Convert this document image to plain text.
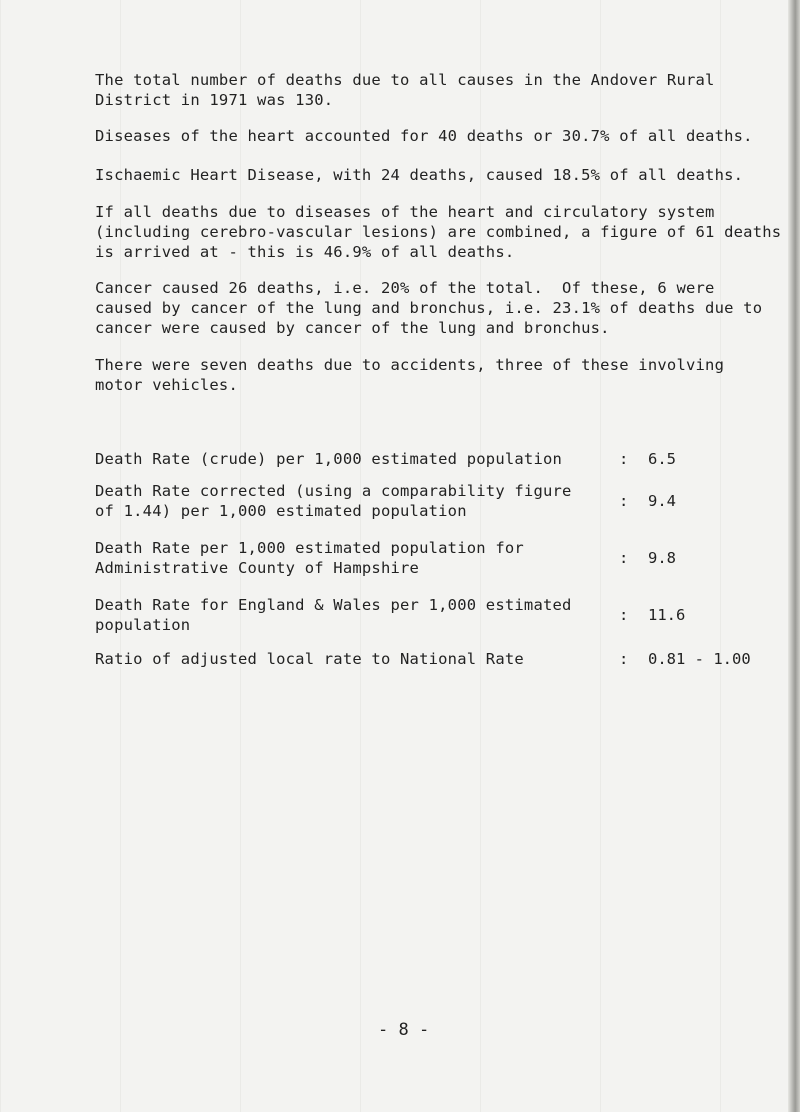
The total number of deaths due to all causes in the Andover Rural
District in 1971 was 130.
Diseases of the heart accounted for 40 deaths or 30.7% of all deaths.
Ischaemic Heart Disease, with 24 deaths, caused 18.5% of all deaths.
If all deaths due to diseases of the heart and circulatory system
(including cerebro-vascular lesions) are combined, a figure of 61 deaths
is arrived at - this is 46.9% of all deaths.
Cancer caused 26 deaths, i.e. 20% of the total.  Of these, 6 were
caused by cancer of the lung and bronchus, i.e. 23.1% of deaths due to
cancer were caused by cancer of the lung and bronchus.
There were seven deaths due to accidents, three of these involving
motor vehicles.
Death Rate (crude) per 1,000 estimated population	: 6.5
Death Rate corrected (using a comparability figure
of 1.44) per 1,000 estimated population
: 9.4
Death Rate per 1,000 estimated population for
Administrative County of Hampshire
: 9.8
Death Rate for England & Wales per 1,000 estimated
population
: 11.6
Ratio of adjusted local rate to National Rate	: 0.81 - 1.00
- 8 -
